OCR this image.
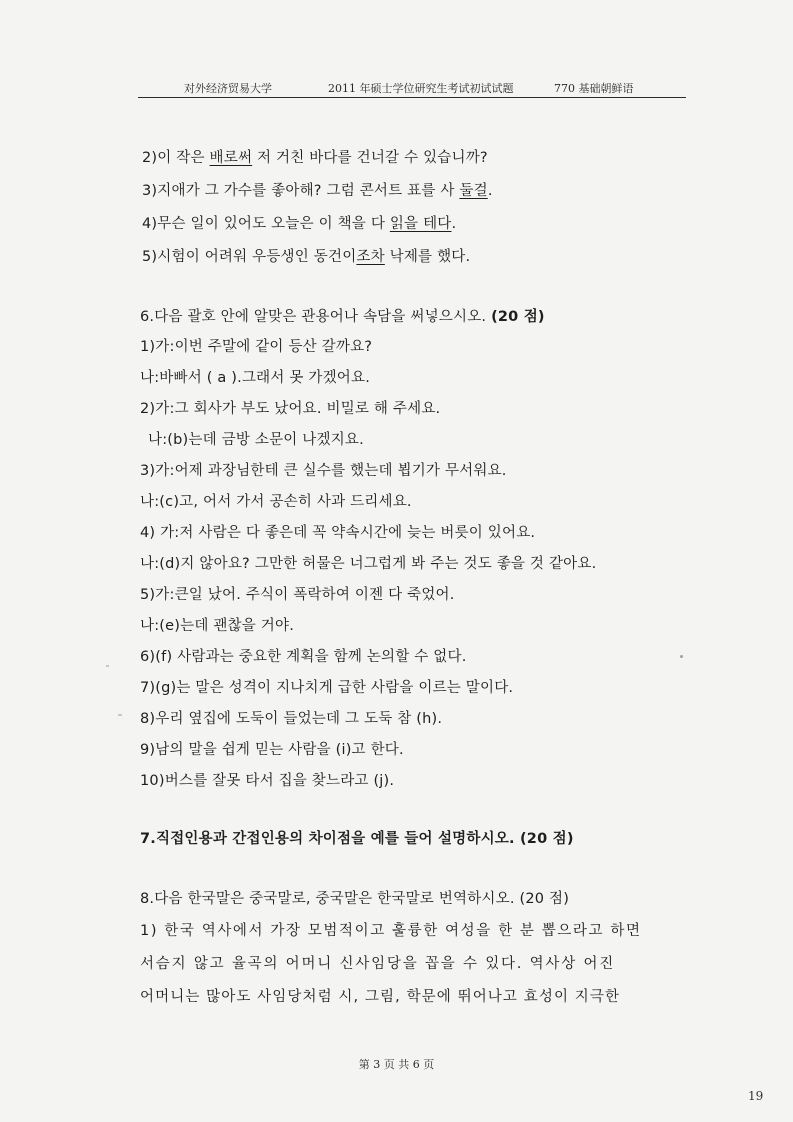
对外经济贸易大学	2011 年硕士学位研究生考试初试试题	770 基础朝鲜语
2)이 작은 배로써 저 거친 바다를 건너갈 수 있습니까?
3)지애가 그 가수를 좋아해? 그럼 콘서트 표를 사 둘걸.
4)무슨 일이 있어도 오늘은 이 책을 다 읽을 테다.
5)시험이 어려워 우등생인 동건이조차 낙제를 했다.
6.다음 괄호 안에 알맞은 관용어나 속담을 써넣으시오. (20 점)
1)가:이번 주말에 같이 등산 갈까요?
나:바빠서 ( a ).그래서 못 가겠어요.
2)가:그 회사가 부도 났어요. 비밀로 해 주세요.
나:(b)는데 금방 소문이 나겠지요.
3)가:어제 과장님한테 큰 실수를 했는데 뵙기가 무서워요.
나:(c)고, 어서 가서 공손히 사과 드리세요.
4) 가:저 사람은 다 좋은데 꼭 약속시간에 늦는 버릇이 있어요.
나:(d)지 않아요? 그만한 허물은 너그럽게 봐 주는 것도 좋을 것 같아요.
5)가:큰일 났어. 주식이 폭락하여 이젠 다 죽었어.
나:(e)는데 괜찮을 거야.
6)(f) 사람과는 중요한 계획을 함께 논의할 수 없다.
7)(g)는 말은 성격이 지나치게 급한 사람을 이르는 말이다.
8)우리 옆집에 도둑이 들었는데 그 도둑 참 (h).
9)남의 말을 쉽게 믿는 사람을 (i)고 한다.
10)버스를 잘못 타서 집을 찾느라고 (j).
7.직접인용과 간접인용의 차이점을 예를 들어 설명하시오. (20 점)
8.다음 한국말은 중국말로, 중국말은 한국말로 번역하시오. (20 점)
1) 한국 역사에서 가장 모범적이고 훌륭한 여성을 한 분 뽑으라고 하면
서슴지 않고 율곡의 어머니 신사임당을 꼽을 수 있다. 역사상 어진
어머니는 많아도 사임당처럼 시, 그림, 학문에 뛰어나고 효성이 지극한
第 3 页 共 6 页
19
